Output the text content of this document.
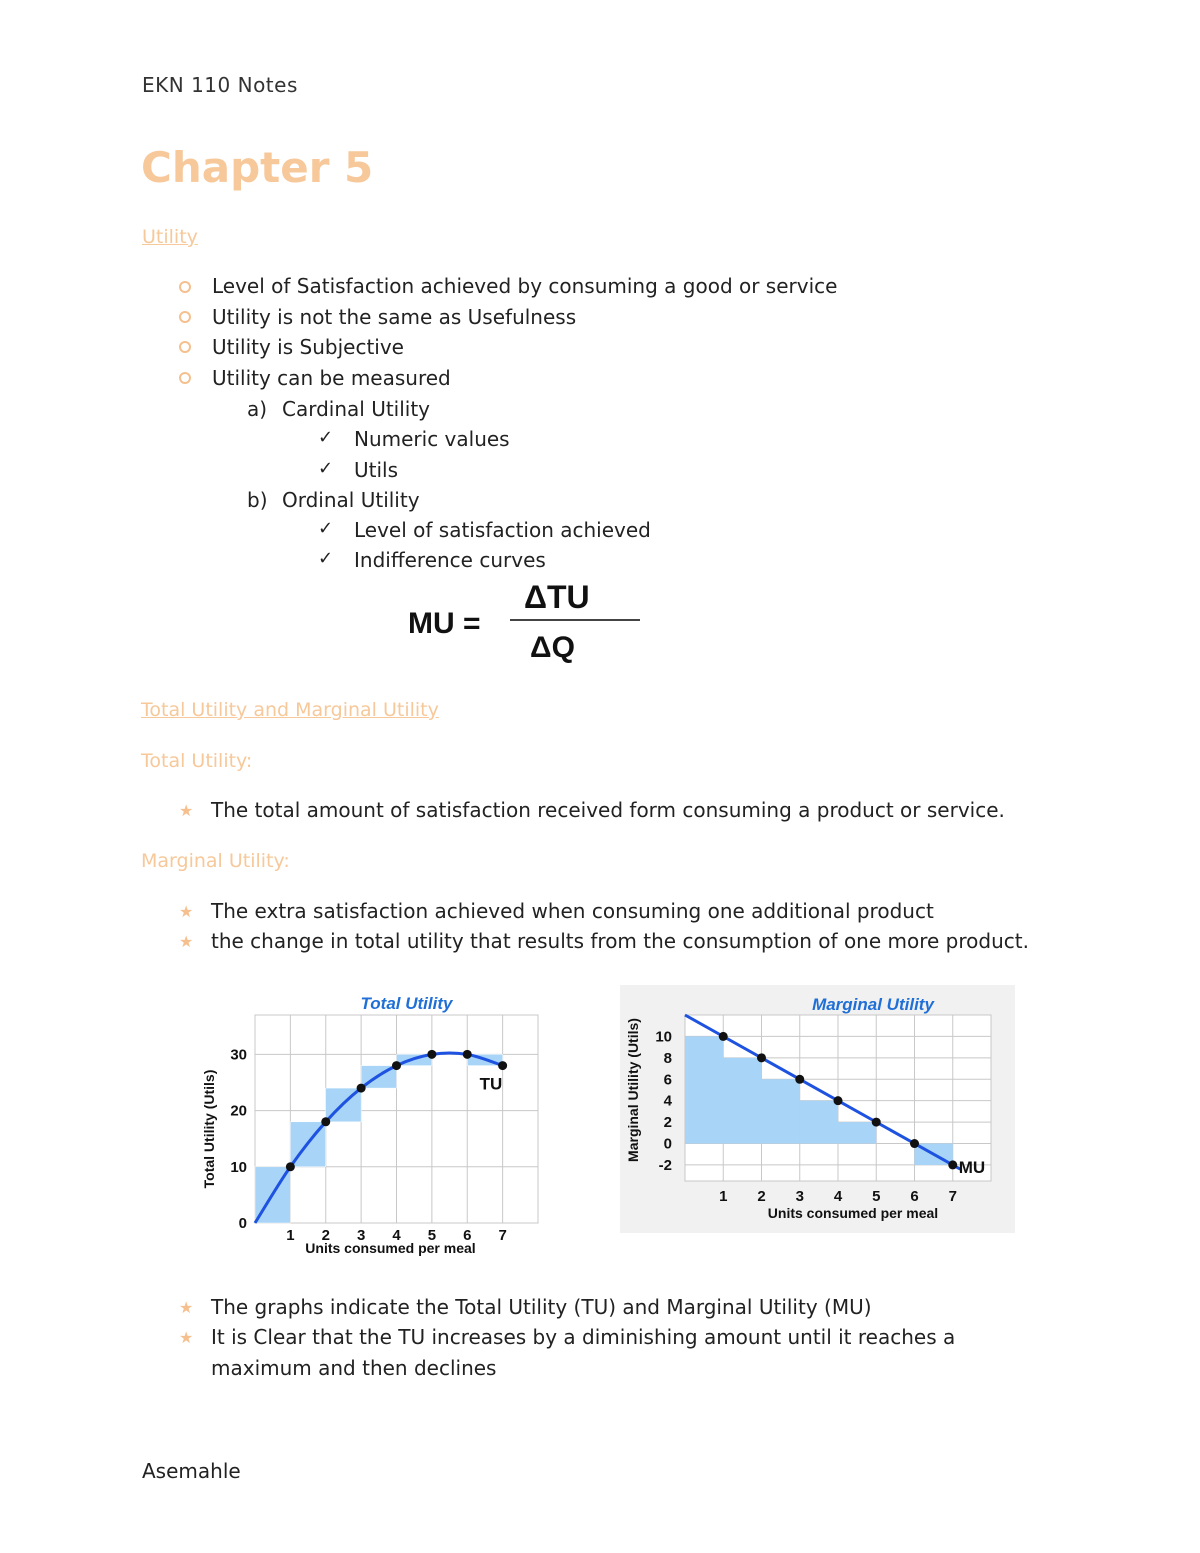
EKN 110 Notes
Chapter 5
Utility
Level of Satisfaction achieved by consuming a good or service
Utility is not the same as Usefulness
Utility is Subjective
Utility can be measured
a) Cardinal Utility
✓ Numeric values
✓ Utils
b) Ordinal Utility
✓ Level of satisfaction achieved
✓ Indifference curves
MU =
ΔTU
ΔQ
Total Utility and Marginal Utility
Total Utility:
★ The total amount of satisfaction received form consuming a product or service.
Marginal Utility:
★ The extra satisfaction achieved when consuming one additional product
★ the change in total utility that results from the consumption of one more product.
1 2 3 4 5 6 7
10
20
30
0
Total Utility
Units consumed per meal
Total Utility (Utils)	TU
1 2 3 4 5 6 7
-2
0
2
4
6
8
10
Marginal Utility
Units consumed per meal
Marginal Utility (Utils)
MU
★ The graphs indicate the Total Utility (TU) and Marginal Utility (MU)
★ It is Clear that the TU increases by a diminishing amount until it reaches a
maximum and then declines
Asemahle
